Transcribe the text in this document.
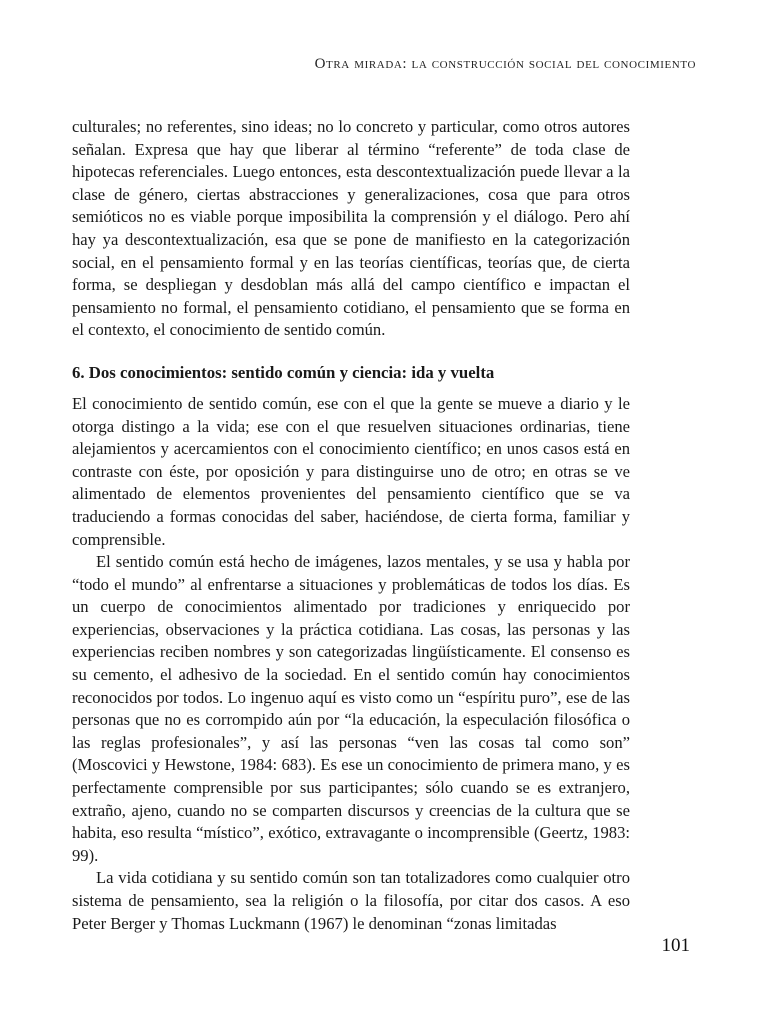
Otra mirada: la construcción social del conocimiento

culturales; no referentes, sino ideas; no lo concreto y particular, como otros autores señalan. Expresa que hay que liberar al término “referente” de toda clase de hipotecas referenciales. Luego entonces, esta descontextualización puede llevar a la clase de género, ciertas abstracciones y generalizaciones, cosa que para otros semióticos no es viable porque imposibilita la comprensión y el diálogo. Pero ahí hay ya descontextualización, esa que se pone de manifiesto en la categorización social, en el pensamiento formal y en las teorías científicas, teorías que, de cierta forma, se despliegan y desdoblan más allá del campo científico e impactan el pensamiento no formal, el pensamiento cotidiano, el pensamiento que se forma en el contexto, el conocimiento de sentido común.

6. Dos conocimientos: sentido común y ciencia: ida y vuelta

El conocimiento de sentido común, ese con el que la gente se mueve a diario y le otorga distingo a la vida; ese con el que resuelven situaciones ordinarias, tiene alejamientos y acercamientos con el conocimiento científico; en unos casos está en contraste con éste, por oposición y para distinguirse uno de otro; en otras se ve alimentado de elementos provenientes del pensamiento científico que se va traduciendo a formas conocidas del saber, haciéndose, de cierta forma, familiar y comprensible.

El sentido común está hecho de imágenes, lazos mentales, y se usa y habla por “todo el mundo” al enfrentarse a situaciones y problemáticas de todos los días. Es un cuerpo de conocimientos alimentado por tradiciones y enriquecido por experiencias, observaciones y la práctica cotidiana. Las cosas, las personas y las experiencias reciben nombres y son categorizadas lingüísticamente. El consenso es su cemento, el adhesivo de la sociedad. En el sentido común hay conocimientos reconocidos por todos. Lo ingenuo aquí es visto como un “espíritu puro”, ese de las personas que no es corrompido aún por “la educación, la especulación filosófica o las reglas profesionales”, y así las personas “ven las cosas tal como son” (Moscovici y Hewstone, 1984: 683). Es ese un conocimiento de primera mano, y es perfectamente comprensible por sus participantes; sólo cuando se es extranjero, extraño, ajeno, cuando no se comparten discursos y creencias de la cultura que se habita, eso resulta “místico”, exótico, extravagante o incomprensible (Geertz, 1983: 99).

La vida cotidiana y su sentido común son tan totalizadores como cualquier otro sistema de pensamiento, sea la religión o la filosofía, por citar dos casos. A eso Peter Berger y Thomas Luckmann (1967) le denominan “zonas limitadas

101
